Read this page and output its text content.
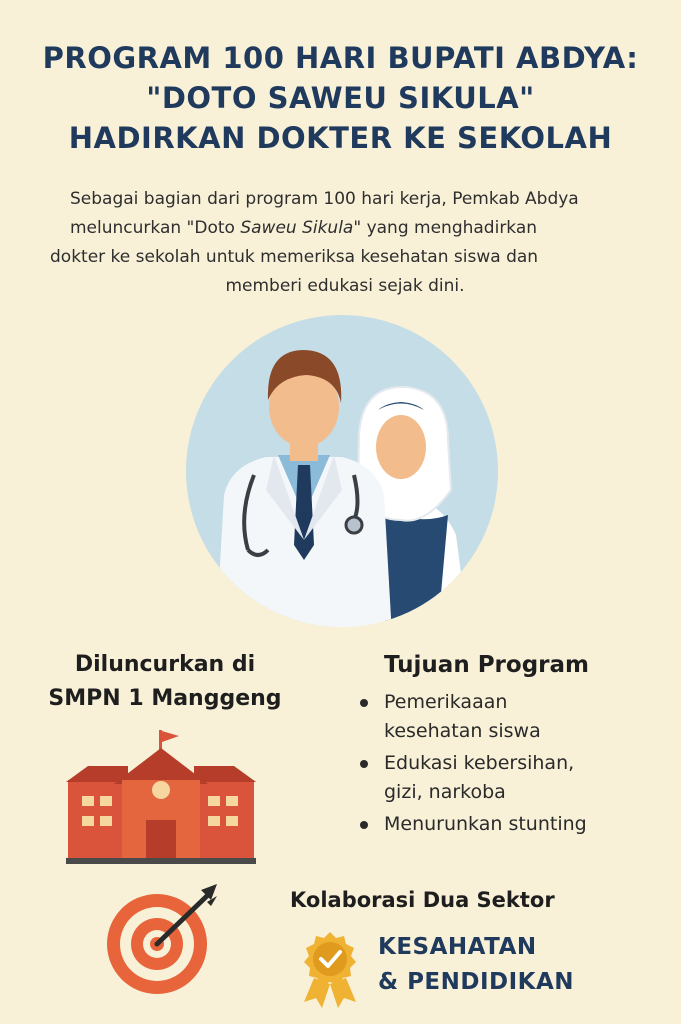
PROGRAM 100 HARI BUPATI ABDYA:
"DOTO SAWEU SIKULA"
HADIRKAN DOKTER KE SEKOLAH
Sebagai bagian dari program 100 hari kerja, Pemkab Abdya
meluncurkan "Doto Saweu Sikula" yang menghadirkan
dokter ke sekolah untuk memeriksa kesehatan siswa dan
memberi edukasi sejak dini.
Diluncurkan di
SMPN 1 Manggeng
Tujuan Program
Pemerikaaan
kesehatan siswa
Edukasi kebersihan,
gizi, narkoba
Menurunkan stunting
Kolaborasi Dua Sektor
KESAHATAN
& PENDIDIKAN
